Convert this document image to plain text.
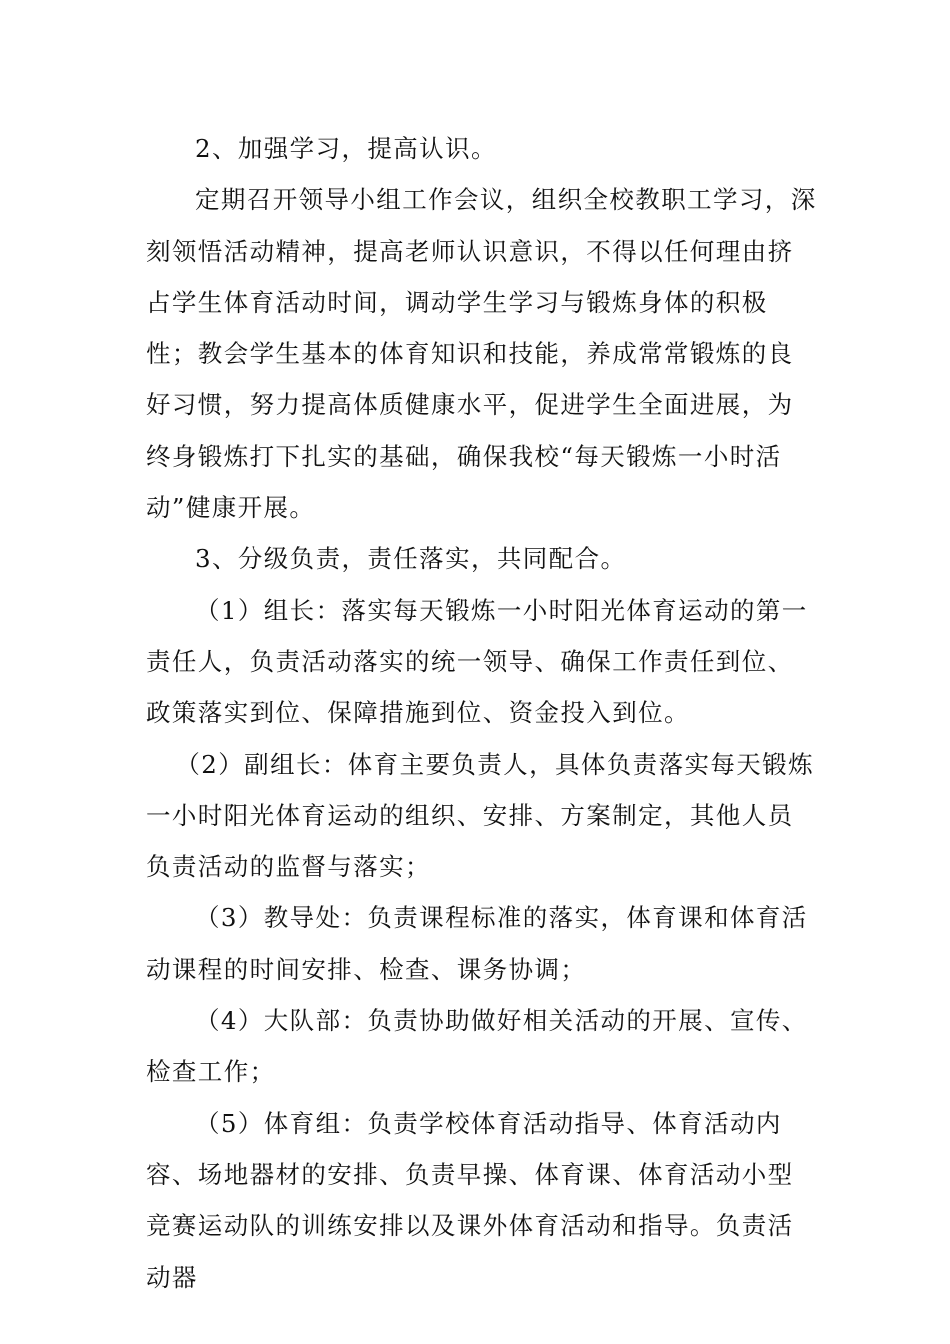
2、加强学习，提高认识。

定期召开领导小组工作会议，组织全校教职工学习，深刻领悟活动精神，提高老师认识意识，不得以任何理由挤占学生体育活动时间，调动学生学习与锻炼身体的积极性；教会学生基本的体育知识和技能，养成常常锻炼的良好习惯，努力提高体质健康水平，促进学生全面进展，为终身锻炼打下扎实的基础，确保我校“每天锻炼一小时活动”健康开展。

3、分级负责，责任落实，共同配合。

（1）组长：落实每天锻炼一小时阳光体育运动的第一责任人，负责活动落实的统一领导、确保工作责任到位、政策落实到位、保障措施到位、资金投入到位。

（2）副组长：体育主要负责人，具体负责落实每天锻炼一小时阳光体育运动的组织、安排、方案制定，其他人员负责活动的监督与落实；

（3）教导处：负责课程标准的落实，体育课和体育活动课程的时间安排、检查、课务协调；

（4）大队部：负责协助做好相关活动的开展、宣传、检查工作；

（5）体育组：负责学校体育活动指导、体育活动内容、场地器材的安排、负责早操、体育课、体育活动小型竞赛运动队的训练安排以及课外体育活动和指导。负责活动器
